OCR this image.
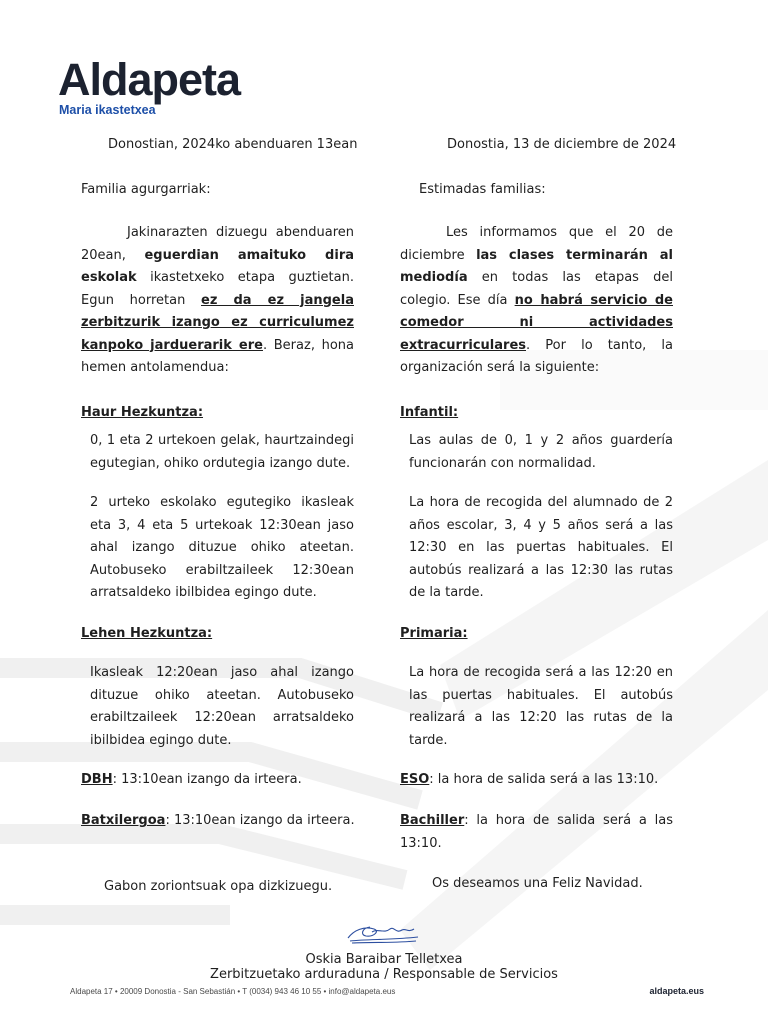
Aldapeta
Maria ikastetxea
Donostian, 2024ko abenduaren 13ean
Familia agurgarriak:

Jakinarazten dizuegu abenduaren 20ean, eguerdian amaituko dira eskolak ikastetxeko etapa guztietan. Egun horretan ez da ez jangela zerbitzurik izango ez curriculumez kanpoko jarduerarik ere. Beraz, hona hemen antolamendua:

Haur Hezkuntza:
0, 1 eta 2 urtekoen gelak, haurtzaindegi egutegian, ohiko ordutegia izango dute.
2 urteko eskolako egutegiko ikasleak eta 3, 4 eta 5 urtekoak 12:30ean jaso ahal izango dituzue ohiko ateetan. Autobuseko erabiltzaileek 12:30ean arratsaldeko ibilbidea egingo dute.
Lehen Hezkuntza:
Ikasleak 12:20ean jaso ahal izango dituzue ohiko ateetan. Autobuseko erabiltzaileek 12:20ean arratsaldeko ibilbidea egingo dute.
DBH: 13:10ean izango da irteera.
Batxilergoa: 13:10ean izango da irteera.
Gabon zoriontsuak opa dizkizuegu.
Donostia, 13 de diciembre de 2024
Estimadas familias:

Les informamos que el 20 de diciembre las clases terminarán al mediodía en todas las etapas del colegio. Ese día no habrá servicio de comedor ni actividades extracurriculares. Por lo tanto, la organización será la siguiente:

Infantil:
Las aulas de 0, 1 y 2 años guardería funcionarán con normalidad.
La hora de recogida del alumnado de 2 años escolar, 3, 4 y 5 años será a las 12:30 en las puertas habituales. El autobús realizará a las 12:30 las rutas de la tarde.
Primaria:
La hora de recogida será a las 12:20 en las puertas habituales. El autobús realizará a las 12:20 las rutas de la tarde.
ESO: la hora de salida será a las 13:10.
Bachiller: la hora de salida será a las 13:10.
Os deseamos una Feliz Navidad.
Oskia Baraibar Telletxea
Zerbitzuetako arduraduna / Responsable de Servicios
Aldapeta 17 • 20009 Donostia - San Sebastián • T (0034) 943 46 10 55 • info@aldapeta.eus	aldapeta.eus
